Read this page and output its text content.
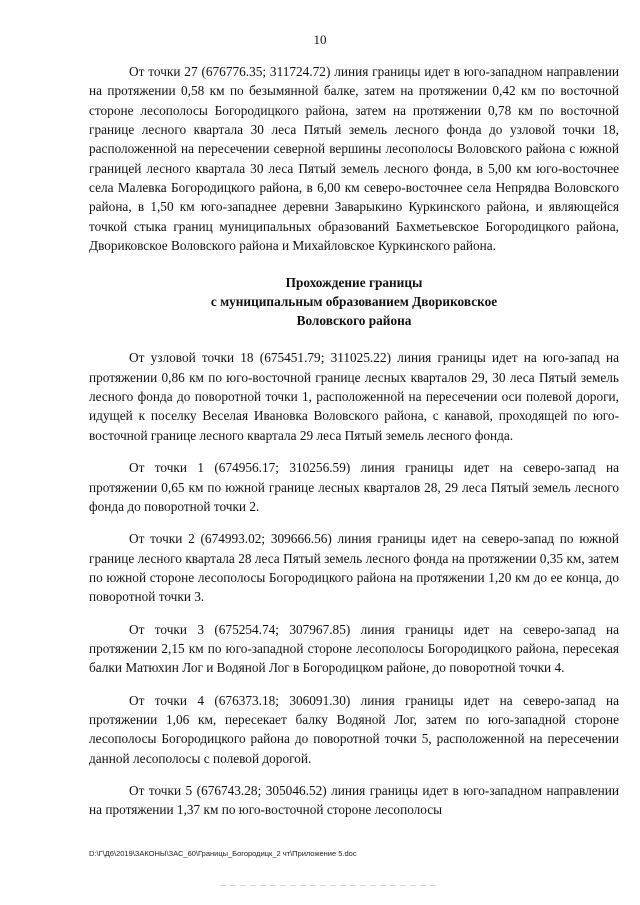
10

От точки 27 (676776.35; 311724.72) линия границы идет в юго-западном направлении на протяжении 0,58 км по безымянной балке, затем на протяжении 0,42 км по восточной стороне лесополосы Богородицкого района, затем на протяжении 0,78 км по восточной границе лесного квартала 30 леса Пятый земель лесного фонда до узловой точки 18, расположенной на пересечении северной вершины лесополосы Воловского района с южной границей лесного квартала 30 леса Пятый земель лесного фонда, в 5,00 км юго-восточнее села Малевка Богородицкого района, в 6,00 км северо-восточнее села Непрядва Воловского района, в 1,50 км юго-западнее деревни Заварыкино Куркинского района, и являющейся точкой стыка границ муниципальных образований Бахметьевское Богородицкого района, Двориковское Воловского района и Михайловское Куркинского района.

Прохождение границы
с муниципальным образованием Двориковское
Воловского района

От узловой точки 18 (675451.79; 311025.22) линия границы идет на юго-запад на протяжении 0,86 км по юго-восточной границе лесных кварталов 29, 30 леса Пятый земель лесного фонда до поворотной точки 1, расположенной на пересечении оси полевой дороги, идущей к поселку Веселая Ивановка Воловского района, с канавой, проходящей по юго-восточной границе лесного квартала 29 леса Пятый земель лесного фонда.

От точки 1 (674956.17; 310256.59) линия границы идет на северо-запад на протяжении 0,65 км по южной границе лесных кварталов 28, 29 леса Пятый земель лесного фонда до поворотной точки 2.

От точки 2 (674993.02; 309666.56) линия границы идет на северо-запад по южной границе лесного квартала 28 леса Пятый земель лесного фонда на протяжении 0,35 км, затем по южной стороне лесополосы Богородицкого района на протяжении 1,20 км до ее конца, до поворотной точки 3.

От точки 3 (675254.74; 307967.85) линия границы идет на северо-запад на протяжении 2,15 км по юго-западной стороне лесополосы Богородицкого района, пересекая балки Матюхин Лог и Водяной Лог в Богородицком районе, до поворотной точки 4.

От точки 4 (676373.18; 306091.30) линия границы идет на северо-запад на протяжении 1,06 км, пересекает балку Водяной Лог, затем по юго-западной стороне лесополосы Богородицкого района до поворотной точки 5, расположенной на пересечении данной лесополосы с полевой дорогой.

От точки 5 (676743.28; 305046.52) линия границы идет в юго-западном направлении на протяжении 1,37 км по юго-восточной стороне лесополосы

D:\Г\Д6\2019\ЗАКОНЫ\ЗАС_60\Границы_Богородицк_2 чт\Приложение 5.doc
